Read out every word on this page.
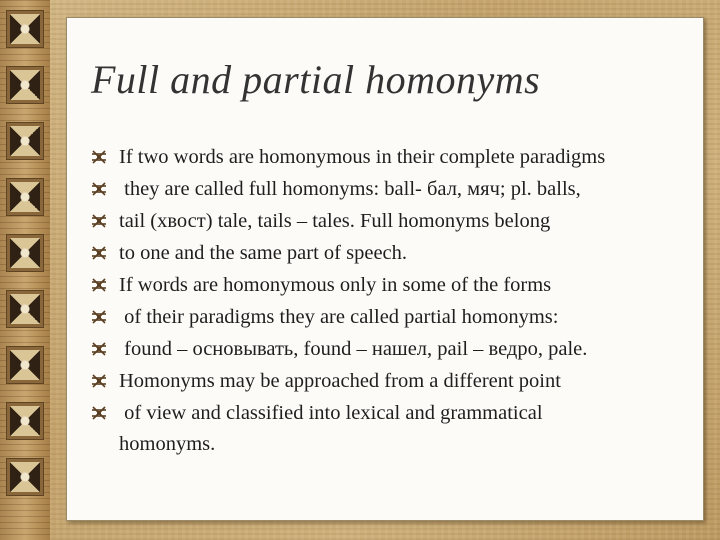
Full and partial homonyms
If two words are homonymous in their complete paradigms
they are called full homonyms: ball- бал, мяч; pl. balls,
tail (хвост) tale, tails – tales. Full homonyms belong
to one and the same part of speech.
If words are homonymous only in some of the forms
of their paradigms they are called partial homonyms:
found – основывать, found – нашел, pail – ведро, pale.
Homonyms may be approached from a different point
of view and classified into lexical and grammatical
homonyms.
